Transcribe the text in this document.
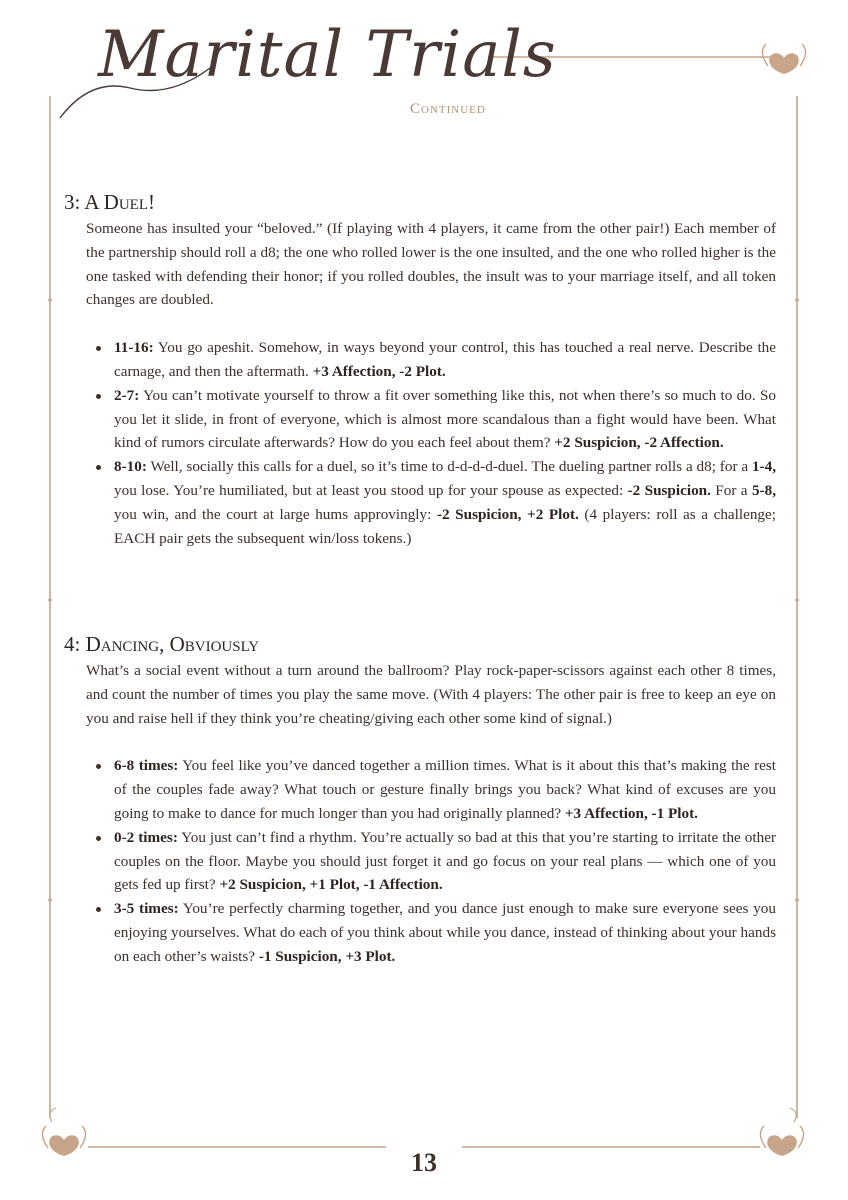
Marital Trials
Continued
3: A Duel!

Someone has insulted your “beloved.” (If playing with 4 players, it came from the other pair!) Each member of the partnership should roll a d8; the one who rolled lower is the one insulted, and the one who rolled higher is the one tasked with defending their honor; if you rolled doubles, the insult was to your marriage itself, and all token changes are doubled.

11-16: You go apeshit. Somehow, in ways beyond your control, this has touched a real nerve. Describe the carnage, and then the aftermath. +3 Affection, -2 Plot.
2-7: You can’t motivate yourself to throw a fit over something like this, not when there’s so much to do. So you let it slide, in front of everyone, which is almost more scandalous than a fight would have been. What kind of rumors circulate afterwards? How do you each feel about them? +2 Suspicion, -2 Affection.
8-10: Well, socially this calls for a duel, so it’s time to d-d-d-d-duel. The dueling partner rolls a d8; for a 1-4, you lose. You’re humiliated, but at least you stood up for your spouse as expected: -2 Suspicion. For a 5-8, you win, and the court at large hums approvingly: -2 Suspicion, +2 Plot. (4 players: roll as a challenge; EACH pair gets the subsequent win/loss tokens.)
4: Dancing, Obviously

What’s a social event without a turn around the ballroom? Play rock-paper-scissors against each other 8 times, and count the number of times you play the same move. (With 4 players: The other pair is free to keep an eye on you and raise hell if they think you’re cheating/giving each other some kind of signal.)

6-8 times: You feel like you’ve danced together a million times. What is it about this that’s making the rest of the couples fade away? What touch or gesture finally brings you back? What kind of excuses are you going to make to dance for much longer than you had originally planned? +3 Affection, -1 Plot.
0-2 times: You just can’t find a rhythm. You’re actually so bad at this that you’re starting to irritate the other couples on the floor. Maybe you should just forget it and go focus on your real plans — which one of you gets fed up first? +2 Suspicion, +1 Plot, -1 Affection.
3-5 times: You’re perfectly charming together, and you dance just enough to make sure everyone sees you enjoying yourselves. What do each of you think about while you dance, instead of thinking about your hands on each other’s waists? -1 Suspicion, +3 Plot.
13
